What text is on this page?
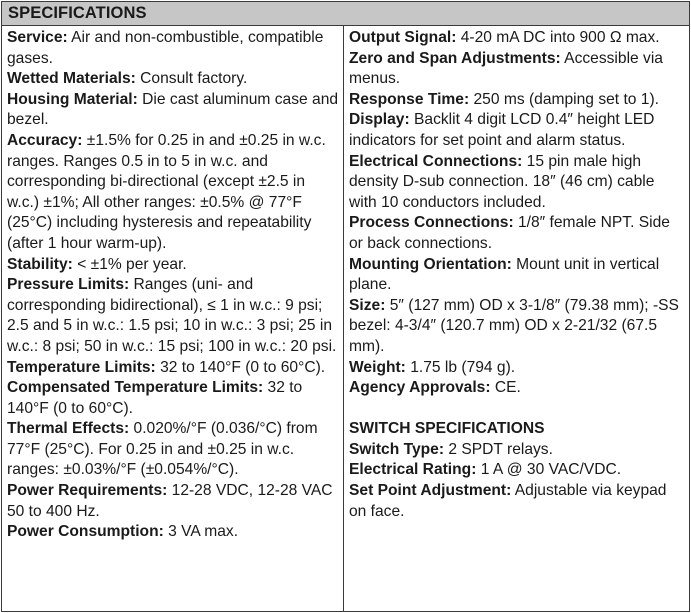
SPECIFICATIONS
Service: Air and non-combustible, compatible gases.
Wetted Materials: Consult factory.
Housing Material: Die cast aluminum case and bezel.
Accuracy: ±1.5% for 0.25 in and ±0.25 in w.c. ranges. Ranges 0.5 in to 5 in w.c. and corresponding bi-directional (except ±2.5 in w.c.) ±1%; All other ranges: ±0.5% @ 77°F (25°C) including hysteresis and repeatability (after 1 hour warm-up).
Stability: < ±1% per year.
Pressure Limits: Ranges (uni- and corresponding bidirectional), ≤ 1 in w.c.: 9 psi; 2.5 and 5 in w.c.: 1.5 psi; 10 in w.c.: 3 psi; 25 in w.c.: 8 psi; 50 in w.c.: 15 psi; 100 in w.c.: 20 psi.
Temperature Limits: 32 to 140°F (0 to 60°C).
Compensated Temperature Limits: 32 to 140°F (0 to 60°C).
Thermal Effects: 0.020%/°F (0.036/°C) from 77°F (25°C). For 0.25 in and ±0.25 in w.c. ranges: ±0.03%/°F (±0.054%/°C).
Power Requirements: 12-28 VDC, 12-28 VAC 50 to 400 Hz.
Power Consumption: 3 VA max.
Output Signal: 4-20 mA DC into 900 Ω max.
Zero and Span Adjustments: Accessible via menus.
Response Time: 250 ms (damping set to 1).
Display: Backlit 4 digit LCD 0.4″ height LED indicators for set point and alarm status.
Electrical Connections: 15 pin male high density D-sub connection. 18″ (46 cm) cable with 10 conductors included.
Process Connections: 1/8″ female NPT. Side or back connections.
Mounting Orientation: Mount unit in vertical plane.
Size: 5″ (127 mm) OD x 3-1/8″ (79.38 mm); -SS bezel: 4-3/4″ (120.7 mm) OD x 2-21/32 (67.5 mm).
Weight: 1.75 lb (794 g).
Agency Approvals: CE.
SWITCH SPECIFICATIONS
Switch Type: 2 SPDT relays.
Electrical Rating: 1 A @ 30 VAC/VDC.
Set Point Adjustment: Adjustable via keypad on face.
